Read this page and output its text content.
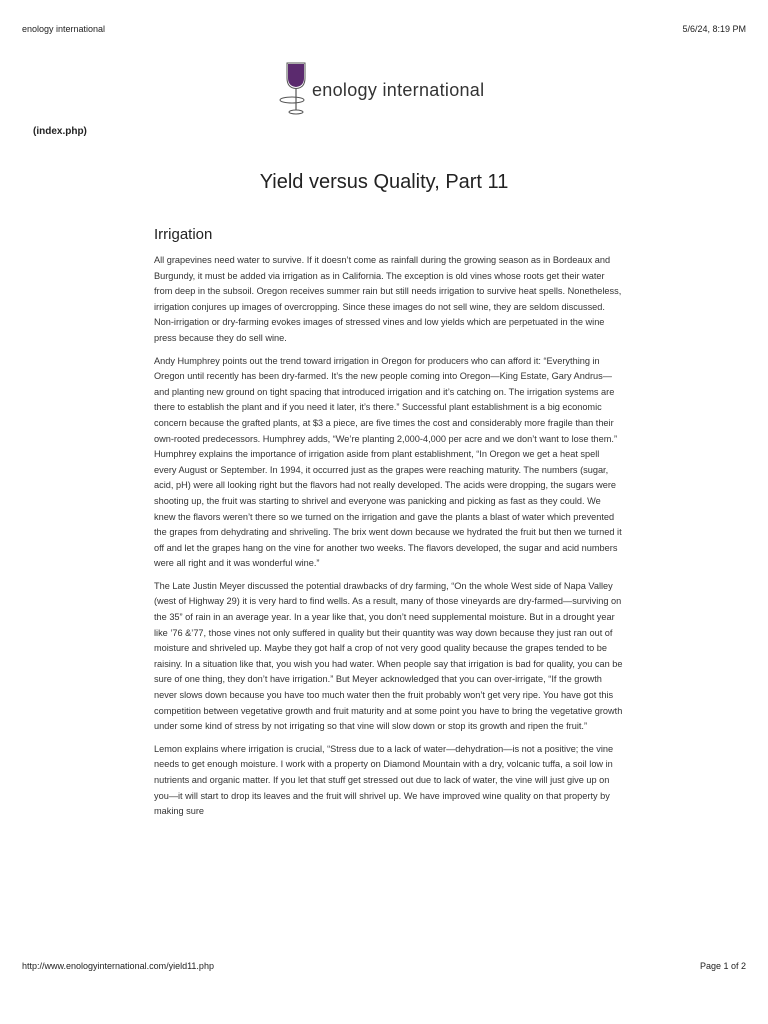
enology international	5/6/24, 8:19 PM
enology international
(index.php)
Yield versus Quality, Part 11
Irrigation

All grapevines need water to survive. If it doesn’t come as rainfall during the growing season as in Bordeaux and Burgundy, it must be added via irrigation as in California. The exception is old vines whose roots get their water from deep in the subsoil. Oregon receives summer rain but still needs irrigation to survive heat spells. Nonetheless, irrigation conjures up images of overcropping. Since these images do not sell wine, they are seldom discussed. Non-irrigation or dry-farming evokes images of stressed vines and low yields which are perpetuated in the wine press because they do sell wine.

Andy Humphrey points out the trend toward irrigation in Oregon for producers who can afford it: “Everything in Oregon until recently has been dry-farmed. It’s the new people coming into Oregon—King Estate, Gary Andrus—and planting new ground on tight spacing that introduced irrigation and it’s catching on. The irrigation systems are there to establish the plant and if you need it later, it’s there.” Successful plant establishment is a big economic concern because the grafted plants, at $3 a piece, are five times the cost and considerably more fragile than their own-rooted predecessors. Humphrey adds, “We’re planting 2,000-4,000 per acre and we don’t want to lose them.” Humphrey explains the importance of irrigation aside from plant establishment, “In Oregon we get a heat spell every August or September. In 1994, it occurred just as the grapes were reaching maturity. The numbers (sugar, acid, pH) were all looking right but the flavors had not really developed. The acids were dropping, the sugars were shooting up, the fruit was starting to shrivel and everyone was panicking and picking as fast as they could. We knew the flavors weren’t there so we turned on the irrigation and gave the plants a blast of water which prevented the grapes from dehydrating and shriveling. The brix went down because we hydrated the fruit but then we turned it off and let the grapes hang on the vine for another two weeks. The flavors developed, the sugar and acid numbers were all right and it was wonderful wine.”

The Late Justin Meyer discussed the potential drawbacks of dry farming, “On the whole West side of Napa Valley (west of Highway 29) it is very hard to find wells. As a result, many of those vineyards are dry-farmed—surviving on the 35” of rain in an average year. In a year like that, you don’t need supplemental moisture. But in a drought year like ’76 &’77, those vines not only suffered in quality but their quantity was way down because they just ran out of moisture and shriveled up. Maybe they got half a crop of not very good quality because the grapes tended to be raisiny. In a situation like that, you wish you had water. When people say that irrigation is bad for quality, you can be sure of one thing, they don’t have irrigation.” But Meyer acknowledged that you can over-irrigate, “If the growth never slows down because you have too much water then the fruit probably won’t get very ripe. You have got this competition between vegetative growth and fruit maturity and at some point you have to bring the vegetative growth under some kind of stress by not irrigating so that vine will slow down or stop its growth and ripen the fruit.”

Lemon explains where irrigation is crucial, “Stress due to a lack of water—dehydration—is not a positive; the vine needs to get enough moisture. I work with a property on Diamond Mountain with a dry, volcanic tuffa, a soil low in nutrients and organic matter. If you let that stuff get stressed out due to lack of water, the vine will just give up on you—it will start to drop its leaves and the fruit will shrivel up. We have improved wine quality on that property by making sure

http://www.enologyinternational.com/yield11.php	Page 1 of 2
